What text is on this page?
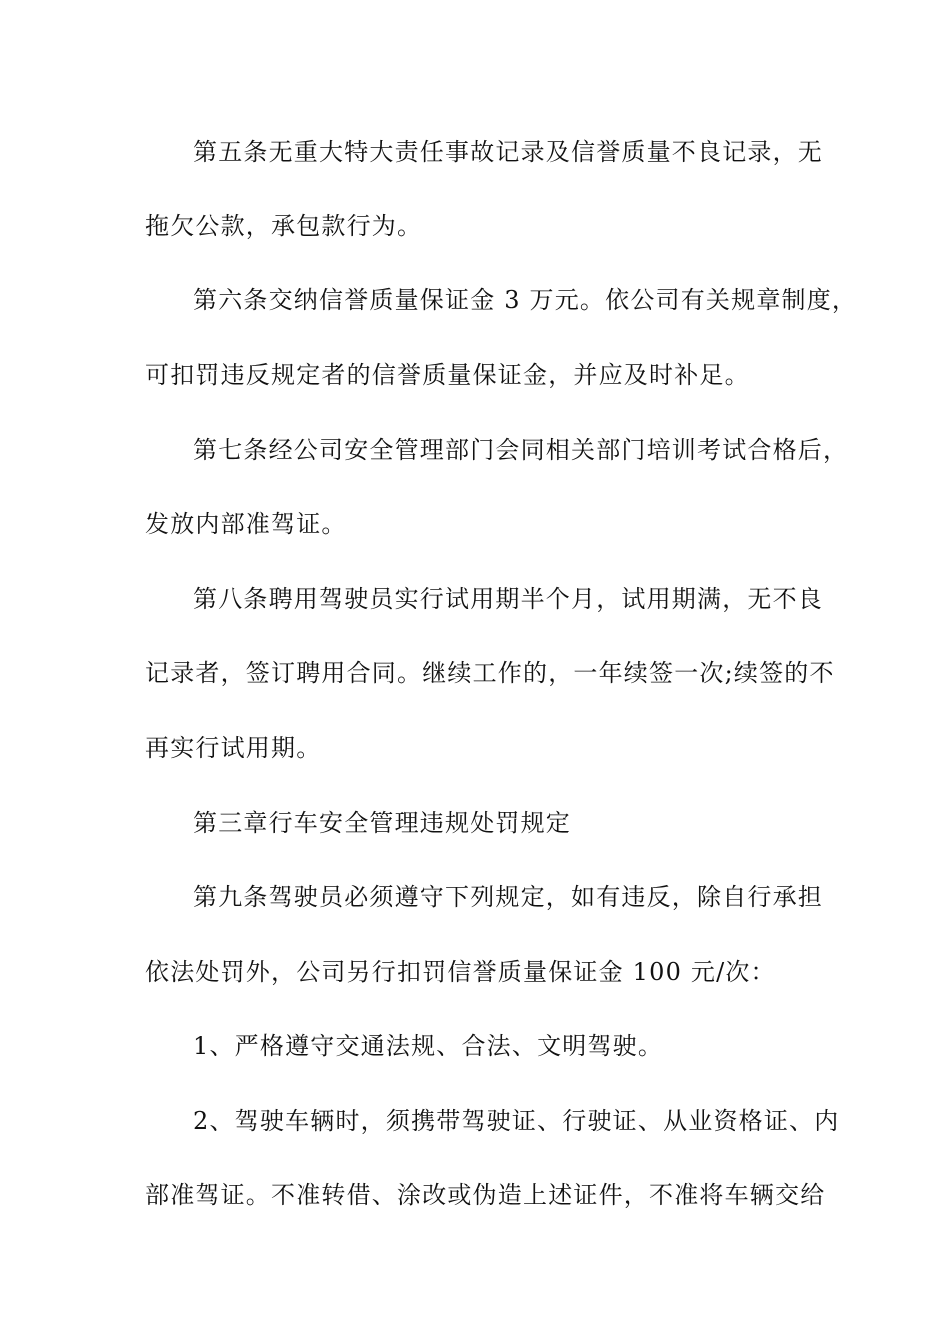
第五条无重大特大责任事故记录及信誉质量不良记录，无
拖欠公款，承包款行为。
第六条交纳信誉质量保证金 3 万元。依公司有关规章制度，
可扣罚违反规定者的信誉质量保证金，并应及时补足。
第七条经公司安全管理部门会同相关部门培训考试合格后，
发放内部准驾证。
第八条聘用驾驶员实行试用期半个月，试用期满，无不良
记录者，签订聘用合同。继续工作的，一年续签一次;续签的不
再实行试用期。
第三章行车安全管理违规处罚规定
第九条驾驶员必须遵守下列规定，如有违反，除自行承担
依法处罚外，公司另行扣罚信誉质量保证金 100 元/次：
1、严格遵守交通法规、合法、文明驾驶。
2、驾驶车辆时，须携带驾驶证、行驶证、从业资格证、内
部准驾证。不准转借、涂改或伪造上述证件，不准将车辆交给
